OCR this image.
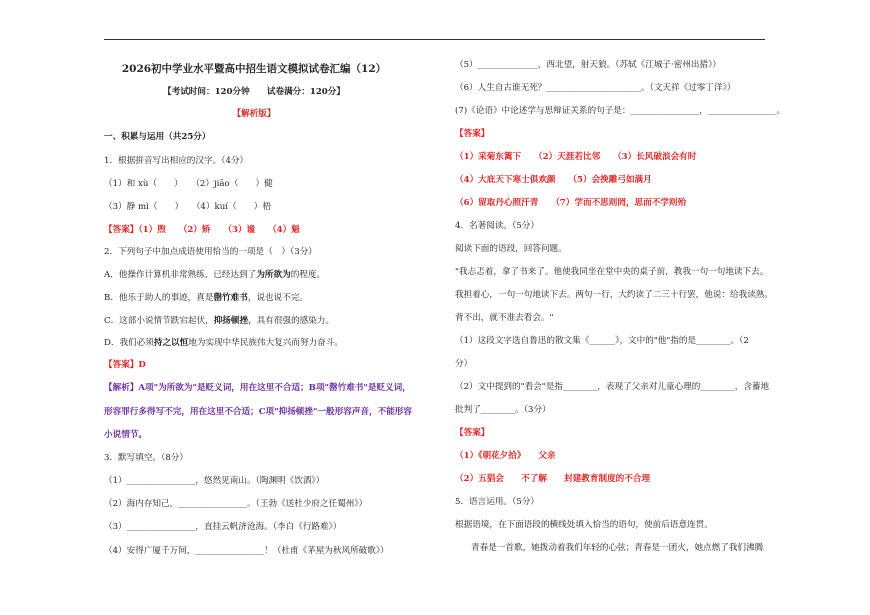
2026初中学业水平暨高中招生语文模拟试卷汇编（12）
【考试时间：120分钟　　试卷满分：120分】
【解析版】
一、积累与运用（共25分）
1．根据拼音写出相应的汉字。（4分）
（1）和 xù（　　）　　（2）jiāo（　　）健
（3）静 mì（　　）　　（4）kuí（　　）梧
【答案】（1）煦　　（2）矫　　（3）谧　　（4）魁
2．下列句子中加点成语使用恰当的一项是（　）（3分）
A．他操作计算机非常熟练，已经达到了为所欲为的程度。
B．他乐于助人的事迹，真是罄竹难书，说也说不完。
C．这部小说情节跌宕起伏，抑扬顿挫，具有很强的感染力。
D．我们必须持之以恒地为实现中华民族伟大复兴而努力奋斗。
【答案】D
【解析】A项"为所欲为"是贬义词，用在这里不合适；B项"罄竹难书"是贬义词，
形容罪行多得写不完，用在这里不合适；C项"抑扬顿挫"一般形容声音，不能形容
小说情节。
3．默写填空。（8分）
（1）________________，悠然见南山。（陶渊明《饮酒》）
（2）海内存知己，________________。（王勃《送杜少府之任蜀州》）
（3）________________，直挂云帆济沧海。（李白《行路难》）
（4）安得广厦千万间，________________！（杜甫《茅屋为秋风所破歌》）
（5）______________，西北望，射天狼。（苏轼《江城子·密州出猎》）
（6）人生自古谁无死？______________________。（文天祥《过零丁洋》）
(7)《论语》中论述学与思辩证关系的句子是：________________，________________。
【答案】
（1）采菊东篱下　　（2）天涯若比邻　　（3）长风破浪会有时
（4）大庇天下寒士俱欢颜　　（5）会挽雕弓如满月
（6）留取丹心照汗青　　（7）学而不思则罔，思而不学则殆
4．名著阅读。（5分）
阅读下面的语段，回答问题。
"我忐忑着，拿了书来了。他使我同坐在堂中央的桌子前，教我一句一句地读下去。
我担着心，一句一句地读下去。两句一行，大约读了二三十行罢，他说：给我读熟。
背不出，就不准去看会。"
（1）这段文字选自鲁迅的散文集《______》，文中的"他"指的是________。（2
分）
（2）文中提到的"看会"是指________，表现了父亲对儿童心理的________，含蓄地
批判了________。（3分）
【答案】
（1）《朝花夕拾》　　父亲
（2）五猖会　　不了解　　封建教育制度的不合理
5．语言运用。（5分）
根据语境，在下面语段的横线处填入恰当的语句，使前后语意连贯。
青春是一首歌，她拨动着我们年轻的心弦；青春是一团火，她点燃了我们沸腾
